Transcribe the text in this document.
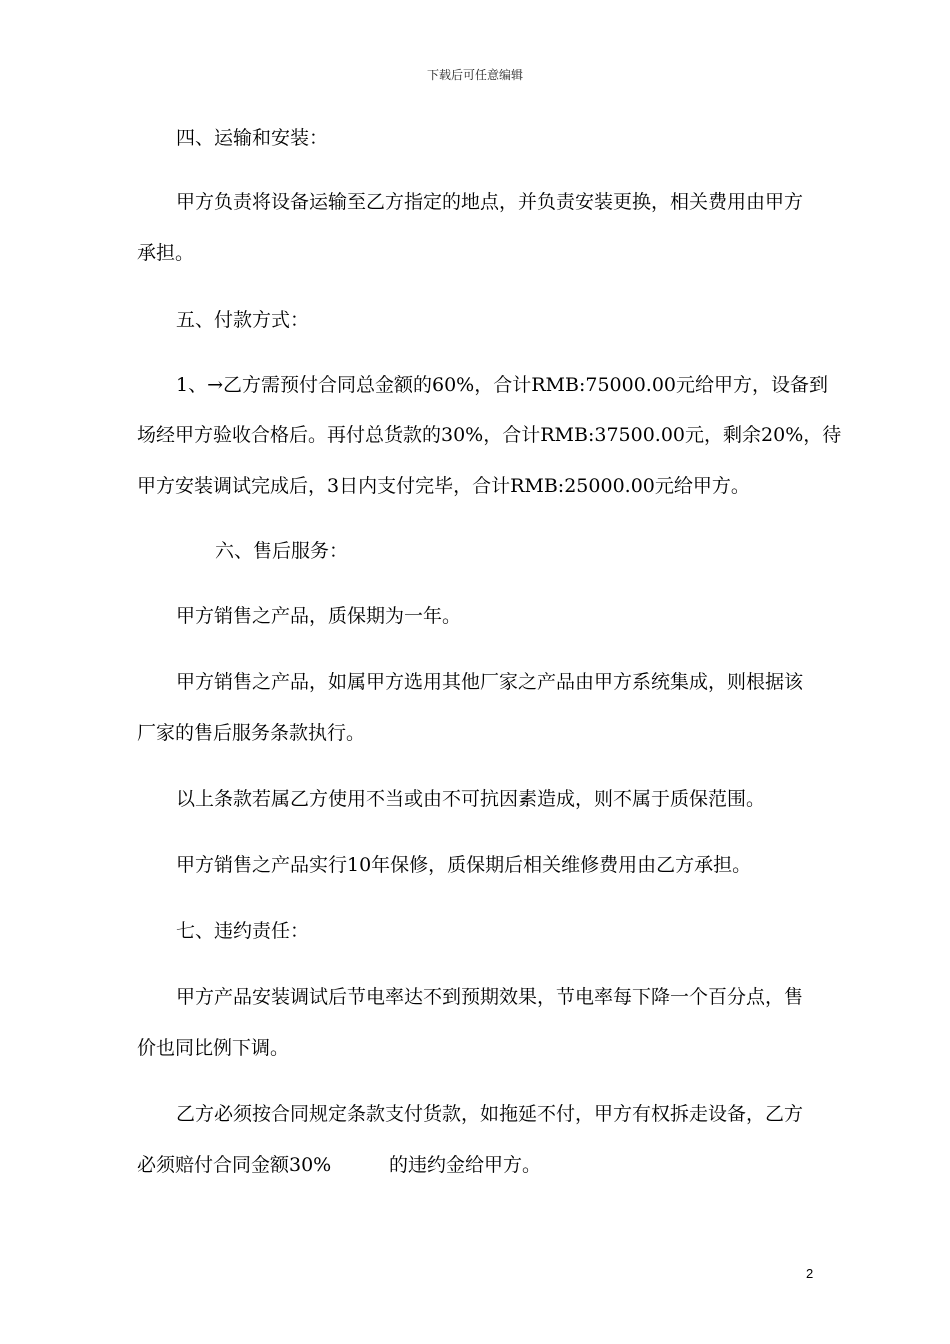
下载后可任意编辑
四、运输和安装：
甲方负责将设备运输至乙方指定的地点，并负责安装更换，相关费用由甲方
承担。
五、付款方式：
1、→乙方需预付合同总金额的60%，合计RMB:75000.00元给甲方，设备到
场经甲方验收合格后。再付总货款的30%，合计RMB:37500.00元，剩余20%，待
甲方安装调试完成后，3日内支付完毕，合计RMB:25000.00元给甲方。
六、售后服务：
甲方销售之产品，质保期为一年。
甲方销售之产品，如属甲方选用其他厂家之产品由甲方系统集成，则根据该
厂家的售后服务条款执行。
以上条款若属乙方使用不当或由不可抗因素造成，则不属于质保范围。
甲方销售之产品实行10年保修，质保期后相关维修费用由乙方承担。
七、违约责任：
甲方产品安装调试后节电率达不到预期效果，节电率每下降一个百分点，售
价也同比例下调。
乙方必须按合同规定条款支付货款，如拖延不付，甲方有权拆走设备，乙方
必须赔付合同金额30%	的违约金给甲方。
2
